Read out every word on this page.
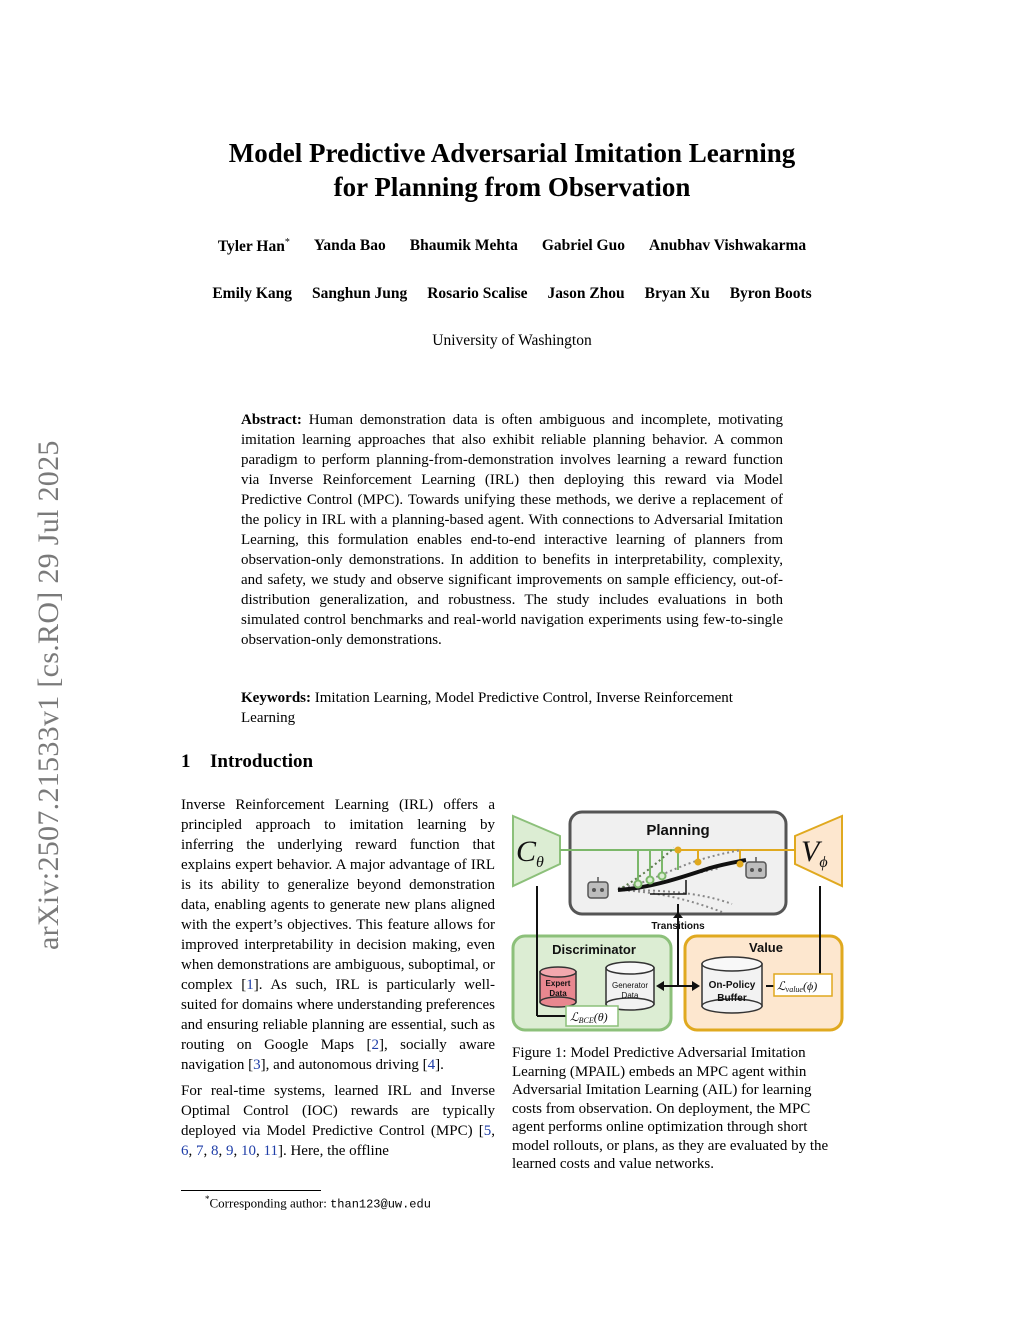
arXiv:2507.21533v1 [cs.RO] 29 Jul 2025
Model Predictive Adversarial Imitation Learning
for Planning from Observation
Tyler Han* Yanda Bao Bhaumik Mehta Gabriel Guo Anubhav Vishwakarma
Emily Kang Sanghun Jung Rosario Scalise Jason Zhou Bryan Xu Byron Boots
University of Washington
Abstract: Human demonstration data is often ambiguous and incomplete, motivating imitation learning approaches that also exhibit reliable planning behavior. A common paradigm to perform planning-from-demonstration involves learning a reward function via Inverse Reinforcement Learning (IRL) then deploying this reward via Model Predictive Control (MPC). Towards unifying these methods, we derive a replacement of the policy in IRL with a planning-based agent. With connections to Adversarial Imitation Learning, this formulation enables end-to-end interactive learning of planners from observation-only demonstrations. In addition to benefits in interpretability, complexity, and safety, we study and observe significant improvements on sample efficiency, out-of-distribution generalization, and robustness. The study includes evaluations in both simulated control benchmarks and real-world navigation experiments using few-to-single observation-only demonstrations.
Keywords: Imitation Learning, Model Predictive Control, Inverse Reinforcement Learning
1 Introduction

Inverse Reinforcement Learning (IRL) offers a principled approach to imitation learning by inferring the underlying reward function that explains expert behavior. A major advantage of IRL is its ability to generalize beyond demonstration data, enabling agents to generate new plans aligned with the expert’s objectives. This feature allows for improved interpretability in decision making, even when demonstrations are ambiguous, suboptimal, or complex [1]. As such, IRL is particularly well-suited for domains where understanding preferences and ensuring reliable planning are essential, such as routing on Google Maps [2], socially aware navigation [3], and autonomous driving [4].

For real-time systems, learned IRL and Inverse Optimal Control (IOC) rewards are typically deployed via Model Predictive Control (MPC) [5, 6, 7, 8, 9, 10, 11]. Here, the offline

*Corresponding author: than123@uw.edu
Planning
$C_\theta$	$V_\phi$
Transitions
Discriminator	Value
Expert
Data
Generator
Data
On-Policy
Buffer
ℒBCE(θ)
ℒvalue(ϕ)
Figure 1: Model Predictive Adversarial Imitation Learning (MPAIL) embeds an MPC agent within Adversarial Imitation Learning (AIL) for learning costs from observation. On deployment, the MPC agent performs online optimization through short model rollouts, or plans, as they are evaluated by the learned costs and value networks.
